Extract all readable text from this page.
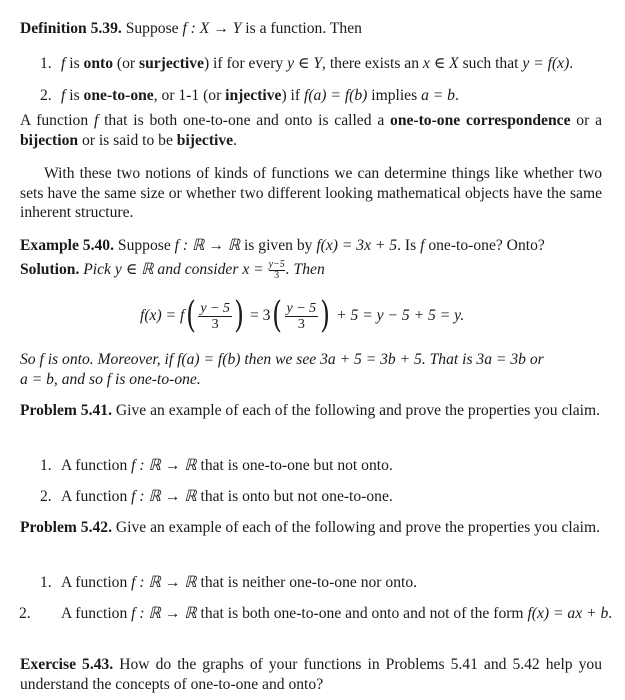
Definition 5.39. Suppose f : X → Y is a function. Then
1. f is onto (or surjective) if for every y ∈ Y, there exists an x ∈ X such that y = f(x).
2. f is one-to-one, or 1-1 (or injective) if f(a) = f(b) implies a = b.
A function f that is both one-to-one and onto is called a one-to-one correspondence or a bijection or is said to be bijective.
With these two notions of kinds of functions we can determine things like whether two sets have the same size or whether two different looking mathematical objects have the same inherent structure.
Example 5.40. Suppose f : ℝ → ℝ is given by f(x) = 3x + 5. Is f one-to-one? Onto?
Solution. Pick y ∈ ℝ and consider $x = \frac{y-5}{3}$ . Then
$f(x) = f( \frac{y - 5}{3}$ ) = $3( \frac{y - 5}{3}$ ) + 5 = y − 5 + 5 = y.
So f is onto. Moreover, if f(a) = f(b) then we see 3a + 5 = 3b + 5. That is 3a = 3b or
a = b, and so f is one-to-one.
Problem 5.41. Give an example of each of the following and prove the properties you claim.
1. A function f : ℝ → ℝ that is one-to-one but not onto.
2. A function f : ℝ → ℝ that is onto but not one-to-one.
Problem 5.42. Give an example of each of the following and prove the properties you claim.
1. A function f : ℝ → ℝ that is neither one-to-one nor onto.
2. A function f : ℝ → ℝ that is both one-to-one and onto and not of the form f(x) = ax + b.
Exercise 5.43. How do the graphs of your functions in Problems 5.41 and 5.42 help you understand the concepts of one-to-one and onto?
